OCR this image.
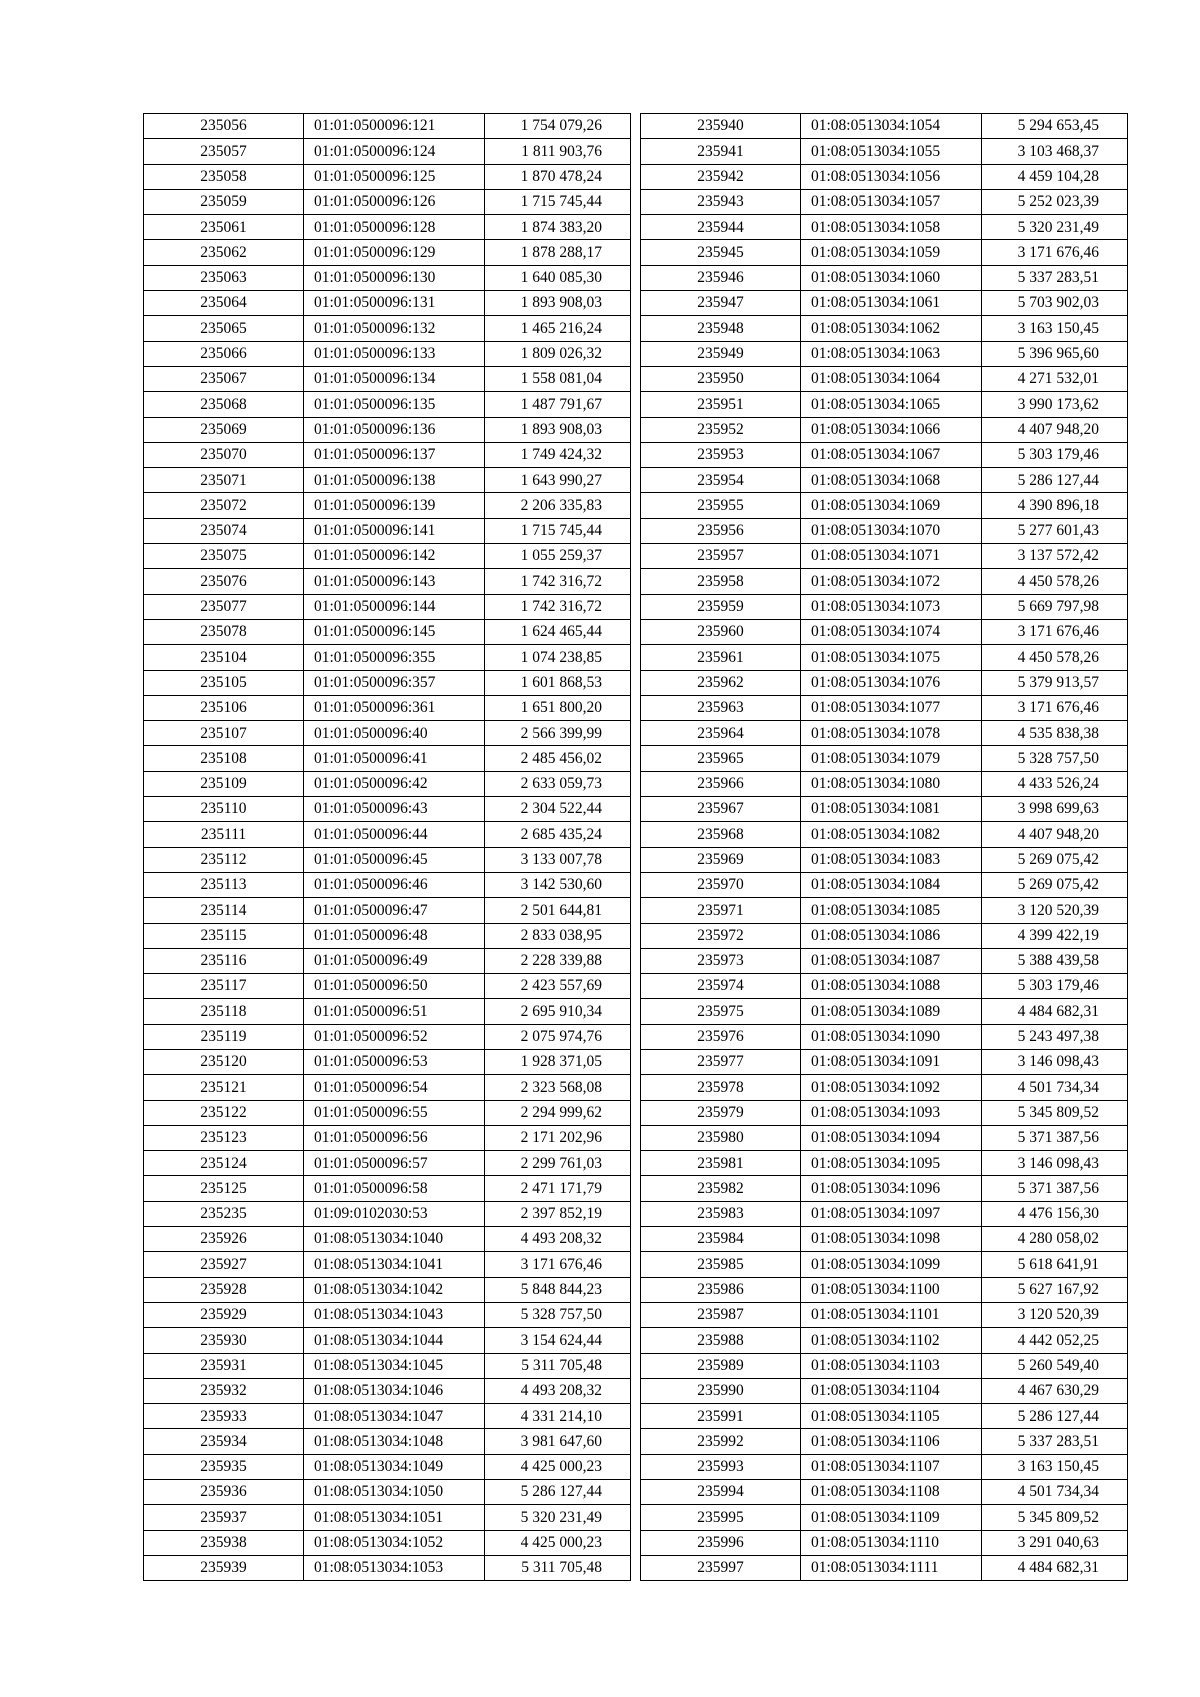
235056	01:01:0500096:121	1 754 079,26
235057	01:01:0500096:124	1 811 903,76
235058	01:01:0500096:125	1 870 478,24
235059	01:01:0500096:126	1 715 745,44
235061	01:01:0500096:128	1 874 383,20
235062	01:01:0500096:129	1 878 288,17
235063	01:01:0500096:130	1 640 085,30
235064	01:01:0500096:131	1 893 908,03
235065	01:01:0500096:132	1 465 216,24
235066	01:01:0500096:133	1 809 026,32
235067	01:01:0500096:134	1 558 081,04
235068	01:01:0500096:135	1 487 791,67
235069	01:01:0500096:136	1 893 908,03
235070	01:01:0500096:137	1 749 424,32
235071	01:01:0500096:138	1 643 990,27
235072	01:01:0500096:139	2 206 335,83
235074	01:01:0500096:141	1 715 745,44
235075	01:01:0500096:142	1 055 259,37
235076	01:01:0500096:143	1 742 316,72
235077	01:01:0500096:144	1 742 316,72
235078	01:01:0500096:145	1 624 465,44
235104	01:01:0500096:355	1 074 238,85
235105	01:01:0500096:357	1 601 868,53
235106	01:01:0500096:361	1 651 800,20
235107	01:01:0500096:40	2 566 399,99
235108	01:01:0500096:41	2 485 456,02
235109	01:01:0500096:42	2 633 059,73
235110	01:01:0500096:43	2 304 522,44
235111	01:01:0500096:44	2 685 435,24
235112	01:01:0500096:45	3 133 007,78
235113	01:01:0500096:46	3 142 530,60
235114	01:01:0500096:47	2 501 644,81
235115	01:01:0500096:48	2 833 038,95
235116	01:01:0500096:49	2 228 339,88
235117	01:01:0500096:50	2 423 557,69
235118	01:01:0500096:51	2 695 910,34
235119	01:01:0500096:52	2 075 974,76
235120	01:01:0500096:53	1 928 371,05
235121	01:01:0500096:54	2 323 568,08
235122	01:01:0500096:55	2 294 999,62
235123	01:01:0500096:56	2 171 202,96
235124	01:01:0500096:57	2 299 761,03
235125	01:01:0500096:58	2 471 171,79
235235	01:09:0102030:53	2 397 852,19
235926	01:08:0513034:1040	4 493 208,32
235927	01:08:0513034:1041	3 171 676,46
235928	01:08:0513034:1042	5 848 844,23
235929	01:08:0513034:1043	5 328 757,50
235930	01:08:0513034:1044	3 154 624,44
235931	01:08:0513034:1045	5 311 705,48
235932	01:08:0513034:1046	4 493 208,32
235933	01:08:0513034:1047	4 331 214,10
235934	01:08:0513034:1048	3 981 647,60
235935	01:08:0513034:1049	4 425 000,23
235936	01:08:0513034:1050	5 286 127,44
235937	01:08:0513034:1051	5 320 231,49
235938	01:08:0513034:1052	4 425 000,23
235939	01:08:0513034:1053	5 311 705,48
235940	01:08:0513034:1054	5 294 653,45
235941	01:08:0513034:1055	3 103 468,37
235942	01:08:0513034:1056	4 459 104,28
235943	01:08:0513034:1057	5 252 023,39
235944	01:08:0513034:1058	5 320 231,49
235945	01:08:0513034:1059	3 171 676,46
235946	01:08:0513034:1060	5 337 283,51
235947	01:08:0513034:1061	5 703 902,03
235948	01:08:0513034:1062	3 163 150,45
235949	01:08:0513034:1063	5 396 965,60
235950	01:08:0513034:1064	4 271 532,01
235951	01:08:0513034:1065	3 990 173,62
235952	01:08:0513034:1066	4 407 948,20
235953	01:08:0513034:1067	5 303 179,46
235954	01:08:0513034:1068	5 286 127,44
235955	01:08:0513034:1069	4 390 896,18
235956	01:08:0513034:1070	5 277 601,43
235957	01:08:0513034:1071	3 137 572,42
235958	01:08:0513034:1072	4 450 578,26
235959	01:08:0513034:1073	5 669 797,98
235960	01:08:0513034:1074	3 171 676,46
235961	01:08:0513034:1075	4 450 578,26
235962	01:08:0513034:1076	5 379 913,57
235963	01:08:0513034:1077	3 171 676,46
235964	01:08:0513034:1078	4 535 838,38
235965	01:08:0513034:1079	5 328 757,50
235966	01:08:0513034:1080	4 433 526,24
235967	01:08:0513034:1081	3 998 699,63
235968	01:08:0513034:1082	4 407 948,20
235969	01:08:0513034:1083	5 269 075,42
235970	01:08:0513034:1084	5 269 075,42
235971	01:08:0513034:1085	3 120 520,39
235972	01:08:0513034:1086	4 399 422,19
235973	01:08:0513034:1087	5 388 439,58
235974	01:08:0513034:1088	5 303 179,46
235975	01:08:0513034:1089	4 484 682,31
235976	01:08:0513034:1090	5 243 497,38
235977	01:08:0513034:1091	3 146 098,43
235978	01:08:0513034:1092	4 501 734,34
235979	01:08:0513034:1093	5 345 809,52
235980	01:08:0513034:1094	5 371 387,56
235981	01:08:0513034:1095	3 146 098,43
235982	01:08:0513034:1096	5 371 387,56
235983	01:08:0513034:1097	4 476 156,30
235984	01:08:0513034:1098	4 280 058,02
235985	01:08:0513034:1099	5 618 641,91
235986	01:08:0513034:1100	5 627 167,92
235987	01:08:0513034:1101	3 120 520,39
235988	01:08:0513034:1102	4 442 052,25
235989	01:08:0513034:1103	5 260 549,40
235990	01:08:0513034:1104	4 467 630,29
235991	01:08:0513034:1105	5 286 127,44
235992	01:08:0513034:1106	5 337 283,51
235993	01:08:0513034:1107	3 163 150,45
235994	01:08:0513034:1108	4 501 734,34
235995	01:08:0513034:1109	5 345 809,52
235996	01:08:0513034:1110	3 291 040,63
235997	01:08:0513034:1111	4 484 682,31
